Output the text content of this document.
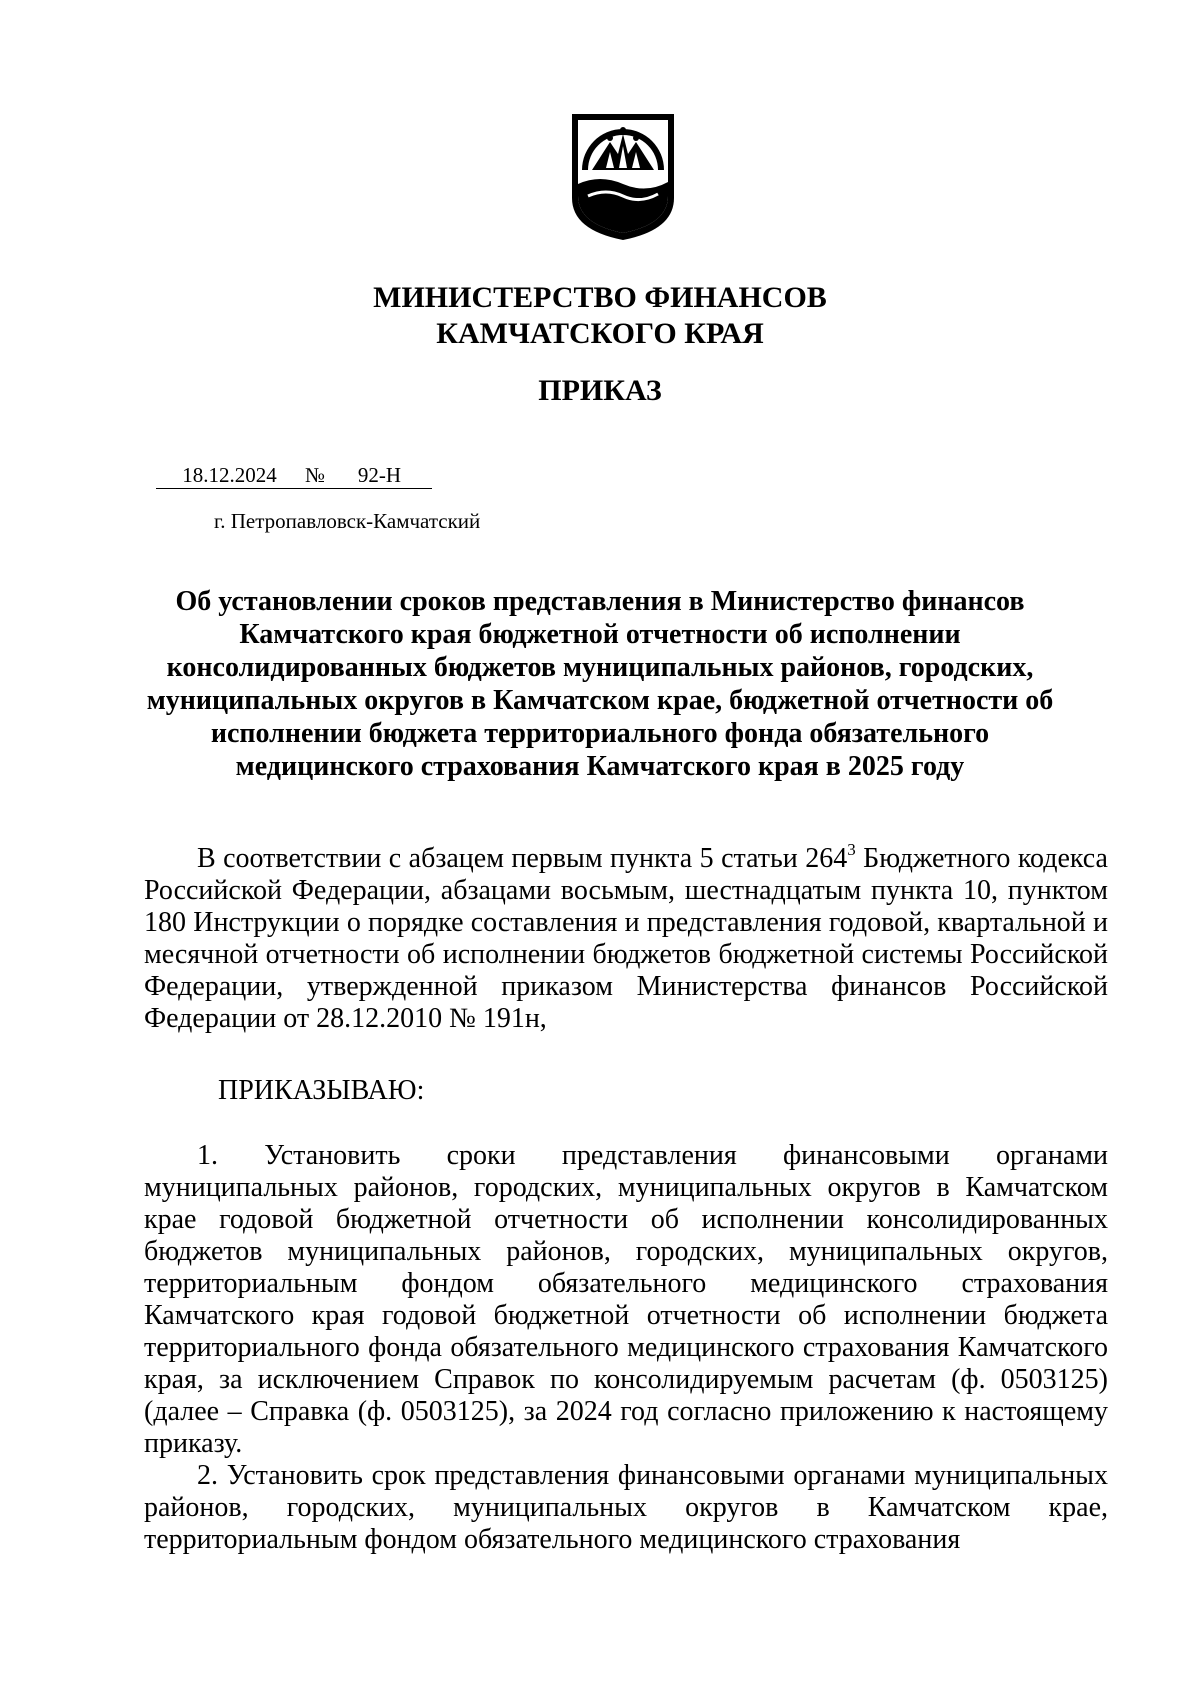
МИНИСТЕРСТВО ФИНАНСОВ
КАМЧАТСКОГО КРАЯ
ПРИКАЗ
18.12.2024	№	92-Н
г. Петропавловск-Камчатский
Об установлении сроков представления в Министерство финансов
Камчатского края бюджетной отчетности об исполнении
консолидированных бюджетов муниципальных районов, городских,
муниципальных округов в Камчатском крае, бюджетной отчетности об
исполнении бюджета территориального фонда обязательного
медицинского страхования Камчатского края в 2025 году

В соответствии с абзацем первым пункта 5 статьи $264^3$ Бюджетного кодекса Российской Федерации, абзацами восьмым, шестнадцатым пункта 10, пунктом 180 Инструкции о порядке составления и представления годовой, квартальной и месячной отчетности об исполнении бюджетов бюджетной системы Российской Федерации, утвержденной приказом Министерства финансов Российской Федерации от 28.12.2010 № 191н,

ПРИКАЗЫВАЮ:

1. Установить сроки представления финансовыми органами муниципальных районов, городских, муниципальных округов в Камчатском крае годовой бюджетной отчетности об исполнении консолидированных бюджетов муниципальных районов, городских, муниципальных округов, территориальным фондом обязательного медицинского страхования Камчатского края годовой бюджетной отчетности об исполнении бюджета территориального фонда обязательного медицинского страхования Камчатского края, за исключением Справок по консолидируемым расчетам (ф. 0503125) (далее – Справка (ф. 0503125), за 2024 год согласно приложению к настоящему приказу.

2. Установить срок представления финансовыми органами муниципальных районов, городских, муниципальных округов в Камчатском крае, территориальным фондом обязательного медицинского страхования
